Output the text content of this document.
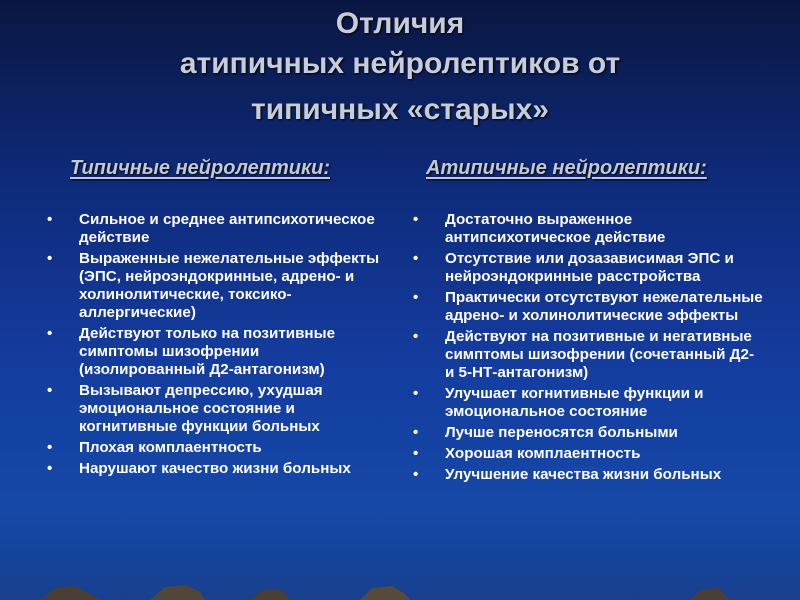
Отличия
атипичных нейролептиков от
типичных «старых»
Типичные нейролептики:	Атипичные нейролептики:
• Сильное и среднее антипсихотическое действие
• Выраженные нежелательные эффекты (ЭПС, нейроэндокринные, адрено- и холинолитические, токсико-аллергические)
• Действуют только на позитивные симптомы шизофрении (изолированный Д2-антагонизм)
• Вызывают депрессию, ухудшая эмоциональное состояние и когнитивные функции больных
• Плохая комплаентность
• Нарушают качество жизни больных
• Достаточно выраженное антипсихотическое действие
• Отсутствие или дозазависимая ЭПС и нейроэндокринные расстройства
• Практически отсутствуют нежелательные адрено- и холинолитические эффекты
• Действуют на позитивные и негативные симптомы шизофрении (сочетанный Д2- и 5-НТ-антагонизм)
• Улучшает когнитивные функции и эмоциональное состояние
• Лучше переносятся больными
• Хорошая комплаентность
• Улучшение качества жизни больных
